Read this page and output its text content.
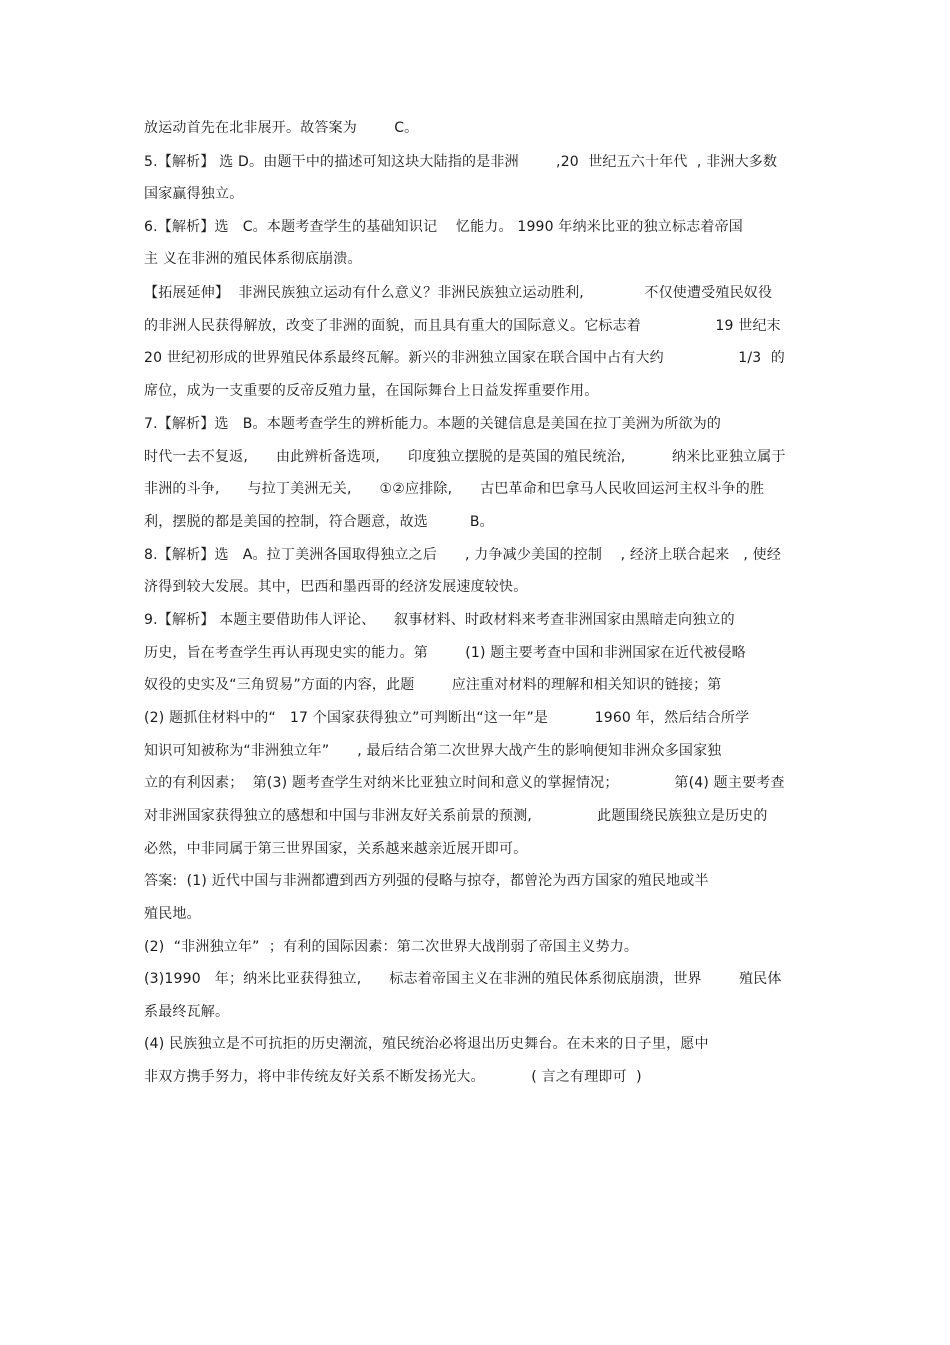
放运动首先在北非展开。故答案为        C。
5.【解析】 选 D。由题干中的描述可知这块大陆指的是非洲        ,20  世纪五六十年代  , 非洲大多数
国家赢得独立。
6.【解析】选   C。本题考查学生的基础知识记    忆能力。 1990 年纳米比亚的独立标志着帝国
主 义在非洲的殖民体系彻底崩溃。
【拓展延伸】  非洲民族独立运动有什么意义？非洲民族独立运动胜利,             不仅使遭受殖民奴役
的非洲人民获得解放，改变了非洲的面貌，而且具有重大的国际意义。它标志着                19 世纪末
20 世纪初形成的世界殖民体系最终瓦解。新兴的非洲独立国家在联合国中占有大约                1/3  的
席位，成为一支重要的反帝反殖力量，在国际舞台上日益发挥重要作用。
7.【解析】选   B。本题考查学生的辨析能力。本题的关键信息是美国在拉丁美洲为所欲为的
时代一去不复返,      由此辨析备选项,      印度独立摆脱的是英国的殖民统治,          纳米比亚独立属于
非洲的斗争,      与拉丁美洲无关,      ①②应排除,      古巴革命和巴拿马人民收回运河主权斗争的胜
利，摆脱的都是美国的控制，符合题意，故选         B。
8.【解析】选   A。拉丁美洲各国取得独立之后      , 力争减少美国的控制    , 经济上联合起来   , 使经
济得到较大发展。其中，巴西和墨西哥的经济发展速度较快。
9.【解析】 本题主要借助伟人评论、    叙事材料、时政材料来考查非洲国家由黑暗走向独立的
历史，旨在考查学生再认再现史实的能力。第        (1) 题主要考查中国和非洲国家在近代被侵略
奴役的史实及“三角贸易”方面的内容，此题        应注重对材料的理解和相关知识的链接；第
(2) 题抓住材料中的“   17 个国家获得独立”可判断出“这一年”是          1960 年，然后结合所学
知识可知被称为“非洲独立年”      , 最后结合第二次世界大战产生的影响便知非洲众多国家独
立的有利因素；  第(3) 题考查学生对纳米比亚独立时间和意义的掌握情况；            第(4) 题主要考查
对非洲国家获得独立的感想和中国与非洲友好关系前景的预测,              此题围绕民族独立是历史的
必然，中非同属于第三世界国家，关系越来越亲近展开即可。
答案:  (1) 近代中国与非洲都遭到西方列强的侵略与掠夺，都曾沦为西方国家的殖民地或半
殖民地。
(2)  “非洲独立年”  ；有利的国际因素：第二次世界大战削弱了帝国主义势力。
(3)1990   年；纳米比亚获得独立,      标志着帝国主义在非洲的殖民体系彻底崩溃，世界        殖民体
系最终瓦解。
(4) 民族独立是不可抗拒的历史潮流，殖民统治必将退出历史舞台。在未来的日子里，愿中
非双方携手努力，将中非传统友好关系不断发扬光大。          ( 言之有理即可  )
